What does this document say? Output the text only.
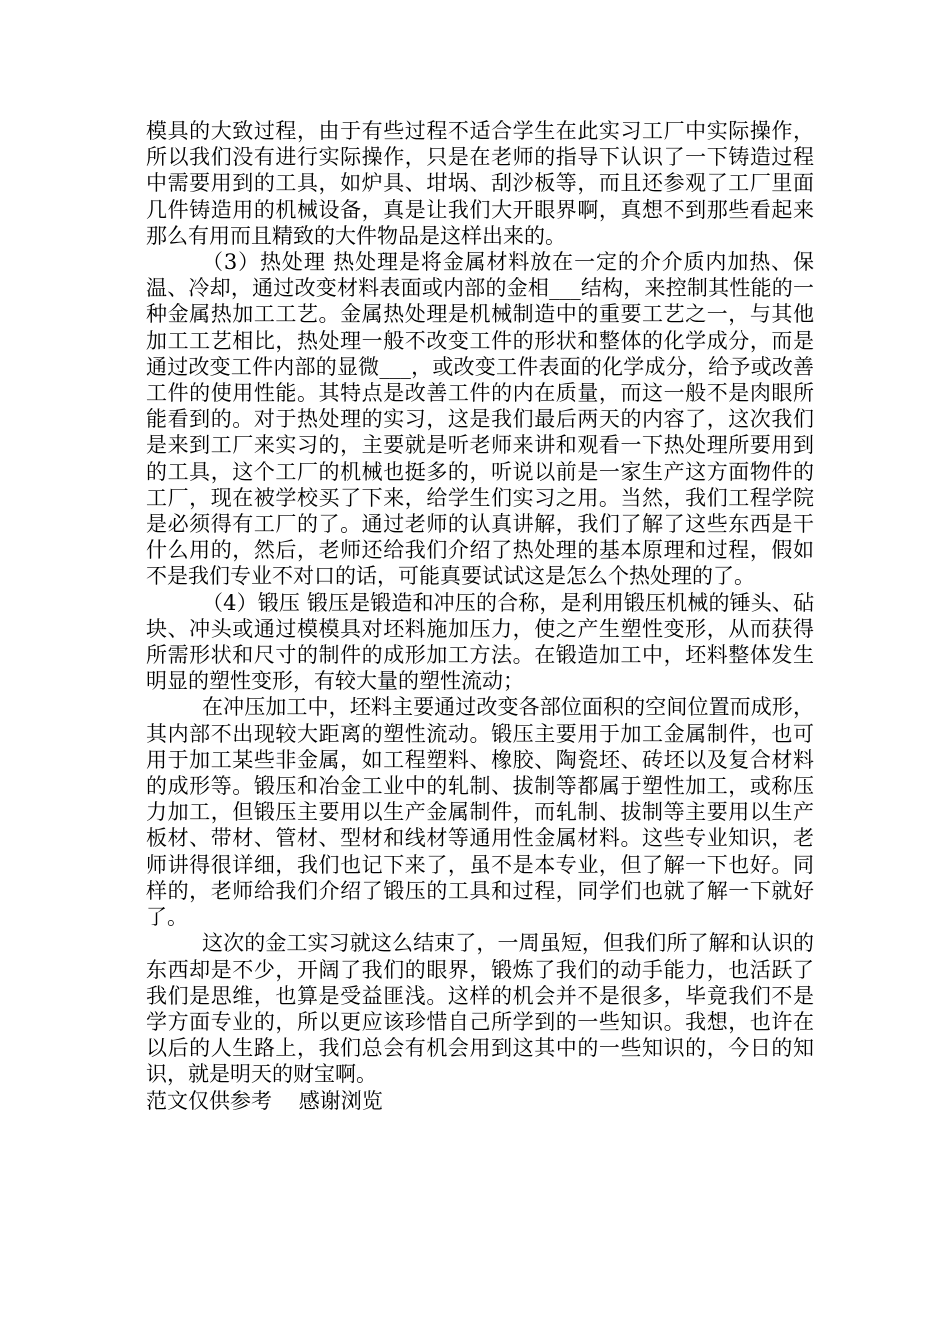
模具的大致过程，由于有些过程不适合学生在此实习工厂中实际操作，所以我们没有进行实际操作，只是在老师的指导下认识了一下铸造过程中需要用到的工具，如炉具、坩埚、刮沙板等，而且还参观了工厂里面几件铸造用的机械设备，真是让我们大开眼界啊，真想不到那些看起来那么有用而且精致的大件物品是这样出来的。

（3）热处理 热处理是将金属材料放在一定的介介质内加热、保温、冷却，通过改变材料表面或内部的金相___结构，来控制其性能的一种金属热加工工艺。金属热处理是机械制造中的重要工艺之一，与其他加工工艺相比，热处理一般不改变工件的形状和整体的化学成分，而是通过改变工件内部的显微___，或改变工件表面的化学成分，给予或改善工件的使用性能。其特点是改善工件的内在质量，而这一般不是肉眼所能看到的。对于热处理的实习，这是我们最后两天的内容了，这次我们是来到工厂来实习的，主要就是听老师来讲和观看一下热处理所要用到的工具，这个工厂的机械也挺多的，听说以前是一家生产这方面物件的工厂，现在被学校买了下来，给学生们实习之用。当然，我们工程学院是必须得有工厂的了。通过老师的认真讲解，我们了解了这些东西是干什么用的，然后，老师还给我们介绍了热处理的基本原理和过程，假如不是我们专业不对口的话，可能真要试试这是怎么个热处理的了。

（4）锻压 锻压是锻造和冲压的合称，是利用锻压机械的锤头、砧块、冲头或通过模模具对坯料施加压力，使之产生塑性变形，从而获得所需形状和尺寸的制件的成形加工方法。在锻造加工中，坯料整体发生明显的塑性变形，有较大量的塑性流动；

在冲压加工中，坯料主要通过改变各部位面积的空间位置而成形，其内部不出现较大距离的塑性流动。锻压主要用于加工金属制件，也可用于加工某些非金属，如工程塑料、橡胶、陶瓷坯、砖坯以及复合材料的成形等。锻压和冶金工业中的轧制、拔制等都属于塑性加工，或称压力加工，但锻压主要用以生产金属制件，而轧制、拔制等主要用以生产板材、带材、管材、型材和线材等通用性金属材料。这些专业知识，老师讲得很详细，我们也记下来了，虽不是本专业，但了解一下也好。同样的，老师给我们介绍了锻压的工具和过程，同学们也就了解一下就好了。

这次的金工实习就这么结束了，一周虽短，但我们所了解和认识的东西却是不少，开阔了我们的眼界，锻炼了我们的动手能力，也活跃了我们是思维，也算是受益匪浅。这样的机会并不是很多，毕竟我们不是学方面专业的，所以更应该珍惜自己所学到的一些知识。我想，也许在以后的人生路上，我们总会有机会用到这其中的一些知识的，今日的知识，就是明天的财宝啊。

范文仅供参考    感谢浏览
